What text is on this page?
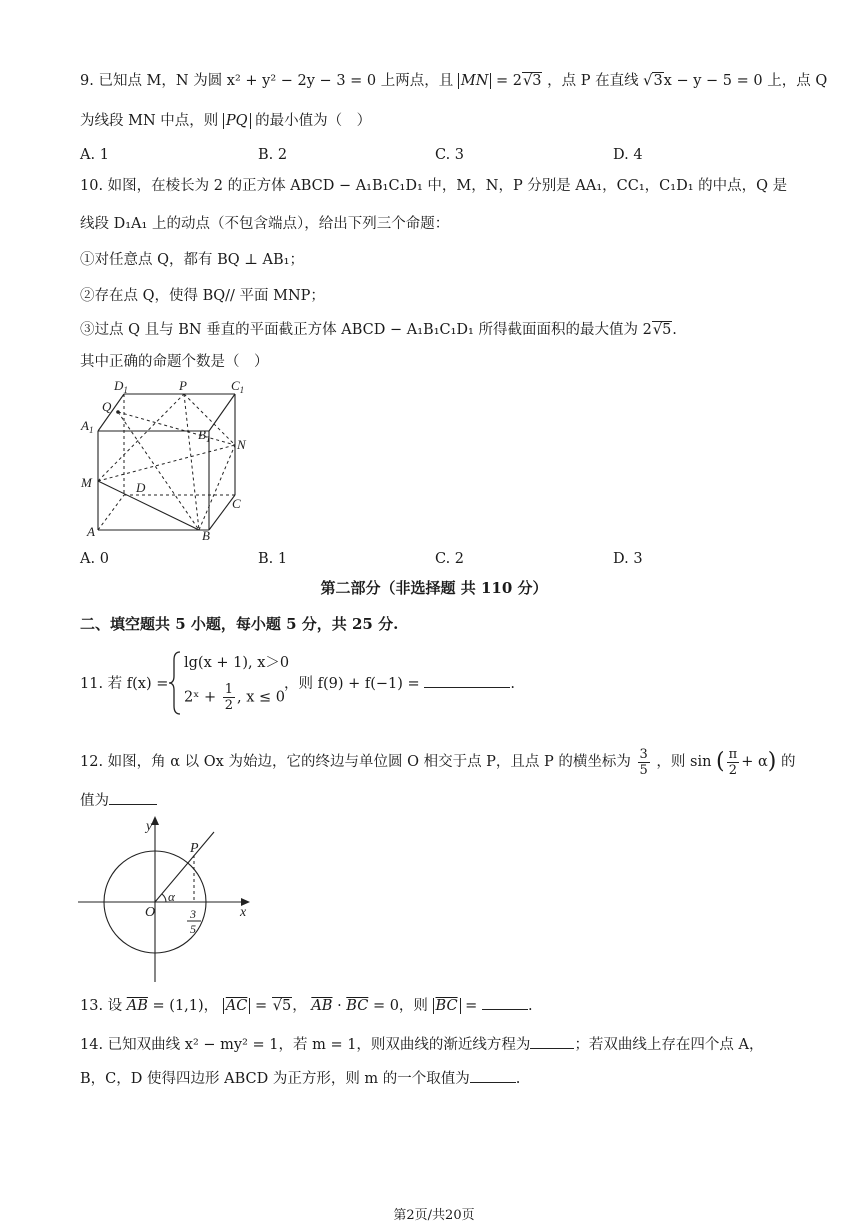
9. 已知点 M，N 为圆 x² + y² − 2y − 3 = 0 上两点，且 MN = 2√3 ，点 P 在直线 √3x − y − 5 = 0 上，点 Q
为线段 MN 中点，则 PQ 的最小值为（　）
A. 1	B. 2	C. 3	D. 4
10. 如图，在棱长为 2 的正方体 ABCD − A₁B₁C₁D₁ 中，M，N，P 分别是 AA₁，CC₁，C₁D₁ 的中点，Q 是
线段 D₁A₁ 上的动点（不包含端点），给出下列三个命题：
①对任意点 Q，都有 BQ ⊥ AB₁；
②存在点 Q，使得 BQ// 平面 MNP；
③过点 Q 且与 BN 垂直的平面截正方体 ABCD − A₁B₁C₁D₁ 所得截面面积的最大值为 2√5.
其中正确的命题个数是（　）
$D_1$	P	$C_1$
Q
$A_1$	$B_1$ N
M	D
C
A	B
A. 0	B. 1	C. 2	D. 3
第二部分（非选择题 共 110 分）
二、填空题共 5 小题，每小题 5 分，共 25 分.
11. 若 f(x) =
lg(x + 1), x＞0
2ˣ + $\frac{1}{2}$ , x ≤ 0
，则 f(9) + f(−1) =	.
12. 如图，角 α 以 Ox 为始边，它的终边与单位圆 O 相交于点 P，且点 P 的横坐标为 $\frac{3}{5}$ ，则 sin ( $\frac{\pi}{2} + \alpha$) 的
值为
y
x
P
O
α
3
5
13. 设 $\overline{AB} = (1,1)$， $\overline{AC} = √5$， $\overline{AB} \cdot \overline{BC} = 0$，则 $\overline{BC}$ =	.
14. 已知双曲线 x² − my² = 1，若 m = 1，则双曲线的渐近线方程为	；若双曲线上存在四个点 A，
B，C，D 使得四边形 ABCD 为正方形，则 m 的一个取值为	.
第2页/共20页
